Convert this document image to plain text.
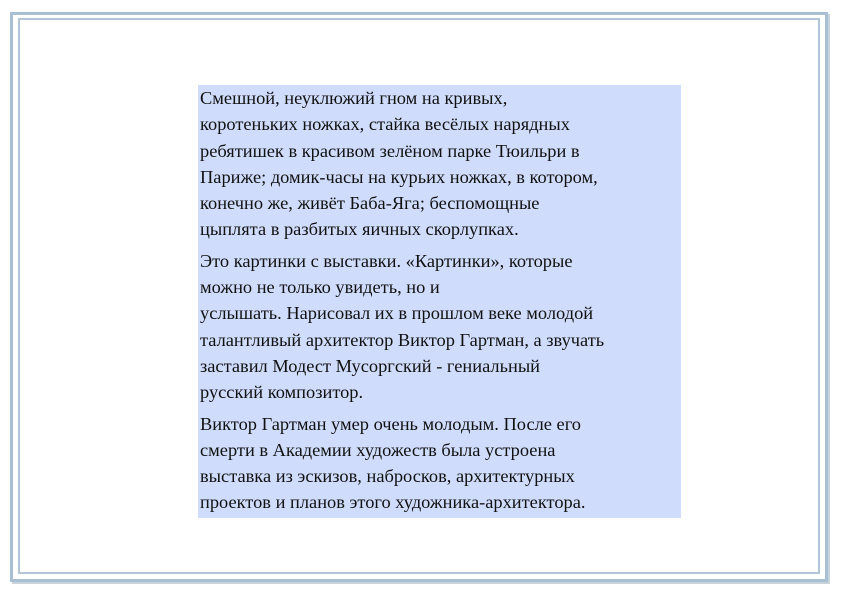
Смешной, неуклюжий гном на кривых,
коротеньких ножках, стайка весёлых нарядных
ребятишек в красивом зелёном парке Тюильри в
Париже; домик-часы на курьих ножках, в котором,
конечно же, живёт Баба-Яга; беспомощные
цыплята в разбитых яичных скорлупках.

Это картинки с выставки. «Картинки», которые
можно не только увидеть, но и
услышать. Нарисовал их в прошлом веке молодой
талантливый архитектор Виктор Гартман, а звучать
заставил Модест Мусоргский - гениальный
русский композитор.

Виктор Гартман умер очень молодым. После его
смерти в Академии художеств была устроена
выставка из эскизов, набросков, архитектурных
проектов и планов этого художника-архитектора.
